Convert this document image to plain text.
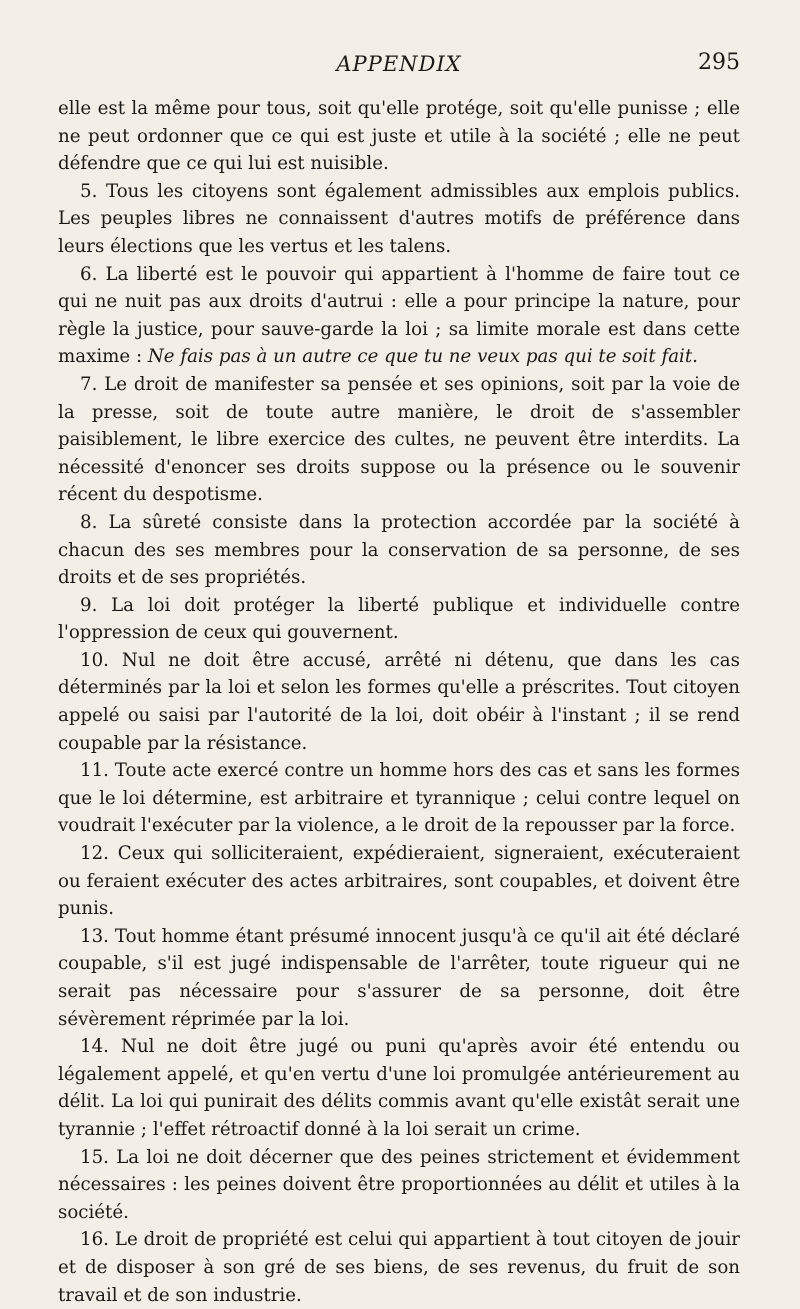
APPENDIX	295

elle est la même pour tous, soit qu'elle protége, soit qu'elle punisse ; elle ne peut ordonner que ce qui est juste et utile à la société ; elle ne peut défendre que ce qui lui est nuisible.

5. Tous les citoyens sont également admissibles aux emplois publics. Les peuples libres ne connaissent d'autres motifs de préférence dans leurs élections que les vertus et les talens.

6. La liberté est le pouvoir qui appartient à l'homme de faire tout ce qui ne nuit pas aux droits d'autrui : elle a pour principe la nature, pour règle la justice, pour sauve-garde la loi ; sa limite morale est dans cette maxime : Ne fais pas à un autre ce que tu ne veux pas qui te soit fait.

7. Le droit de manifester sa pensée et ses opinions, soit par la voie de la presse, soit de toute autre manière, le droit de s'assembler paisiblement, le libre exercice des cultes, ne peuvent être interdits. La nécessité d'enoncer ses droits suppose ou la présence ou le souvenir récent du despotisme.

8. La sûreté consiste dans la protection accordée par la société à chacun des ses membres pour la conservation de sa personne, de ses droits et de ses propriétés.

9. La loi doit protéger la liberté publique et individuelle contre l'oppression de ceux qui gouvernent.

10. Nul ne doit être accusé, arrêté ni détenu, que dans les cas déterminés par la loi et selon les formes qu'elle a préscrites. Tout citoyen appelé ou saisi par l'autorité de la loi, doit obéir à l'instant ; il se rend coupable par la résistance.

11. Toute acte exercé contre un homme hors des cas et sans les formes que le loi détermine, est arbitraire et tyrannique ; celui contre lequel on voudrait l'exécuter par la violence, a le droit de la repousser par la force.

12. Ceux qui solliciteraient, expédieraient, signeraient, exécuteraient ou feraient exécuter des actes arbitraires, sont coupables, et doivent être punis.

13. Tout homme étant présumé innocent jusqu'à ce qu'il ait été déclaré coupable, s'il est jugé indispensable de l'arrêter, toute rigueur qui ne serait pas nécessaire pour s'assurer de sa personne, doit être sévèrement réprimée par la loi.

14. Nul ne doit être jugé ou puni qu'après avoir été entendu ou légalement appelé, et qu'en vertu d'une loi promulgée antérieurement au délit. La loi qui punirait des délits commis avant qu'elle existât serait une tyrannie ; l'effet rétroactif donné à la loi serait un crime.

15. La loi ne doit décerner que des peines strictement et évidemment nécessaires : les peines doivent être proportionnées au délit et utiles à la société.

16. Le droit de propriété est celui qui appartient à tout citoyen de jouir et de disposer à son gré de ses biens, de ses revenus, du fruit de son travail et de son industrie.
